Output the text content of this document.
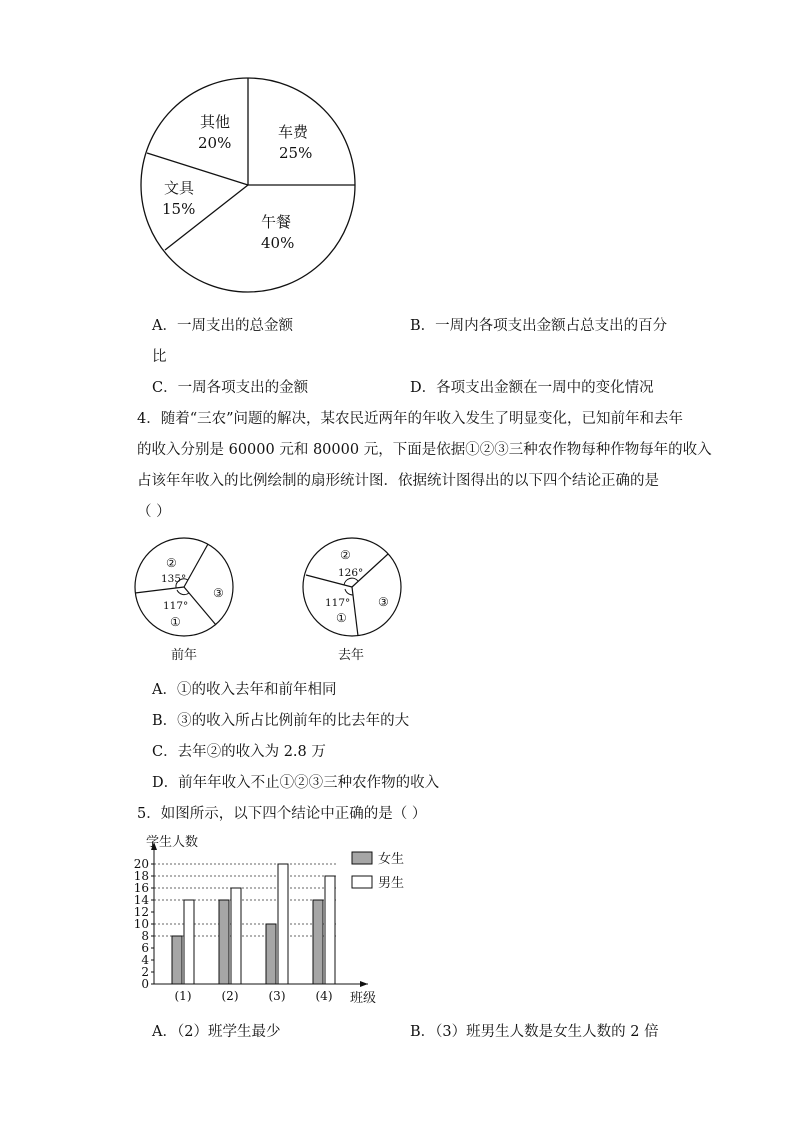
车费
25%
午餐
40%
文具
15%
其他
20%
A．一周支出的总金额	B．一周内各项支出金额占总支出的百分
比
C．一周各项支出的金额	D．各项支出金额在一周中的变化情况
4．随着“三农”问题的解决，某农民近两年的年收入发生了明显变化，已知前年和去年
的收入分别是 60000 元和 80000 元，下面是依据①②③三种农作物每种作物每年的收入
占该年年收入的比例绘制的扇形统计图．依据统计图得出的以下四个结论正确的是
（ ）
②
135°
117°
①
③
前年
②
126°
117°
①
③
去年
A．①的收入去年和前年相同
B．③的收入所占比例前年的比去年的大
C．去年②的收入为 2.8 万
D．前年年收入不止①②③三种农作物的收入
5．如图所示，以下四个结论中正确的是（ ）
(1)	(2)	(3)	(4)
0
2
4
6
8
10
12
14
16
18
20
学生人数
班级
女生
男生
A．（2）班学生最少	B．（3）班男生人数是女生人数的 2 倍
